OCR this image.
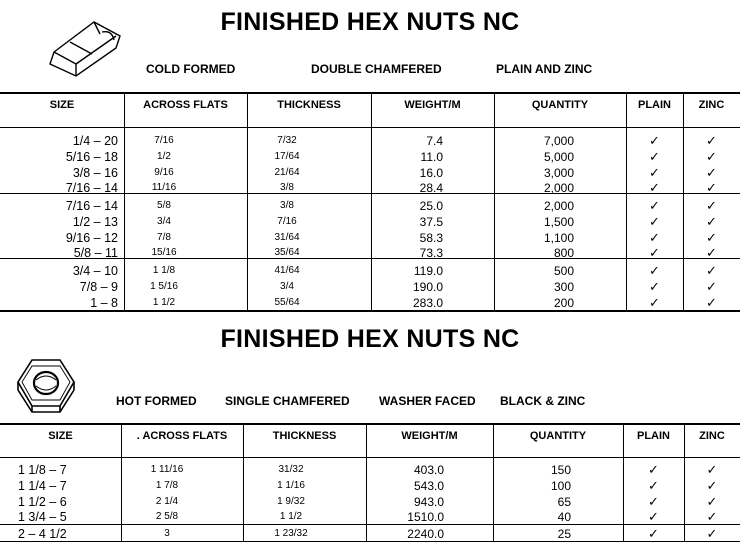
FINISHED HEX NUTS NC
COLD FORMED	DOUBLE CHAMFERED	PLAIN AND ZINC
SIZE	ACROSS FLATS	THICKNESS	WEIGHT/M	QUANTITY	PLAIN	ZINC
1/4 – 20	7/16	7/32	7.4	7,000	✓	✓
5/16 – 18	1/2	17/64	11.0	5,000	✓	✓
3/8 – 16	9/16	21/64	16.0	3,000	✓	✓
7/16 – 14	11/16	3/8	28.4	2,000	✓	✓
7/16 – 14	5/8	3/8	25.0	2,000	✓	✓
1/2 – 13	3/4	7/16	37.5	1,500	✓	✓
9/16 – 12	7/8	31/64	58.3	1,100	✓	✓
5/8 – 11	15/16	35/64	73.3	800	✓	✓
3/4 – 10	1 1/8	41/64	119.0	500	✓	✓
7/8 – 9	1 5/16	3/4	190.0	300	✓	✓
1 – 8	1 1/2	55/64	283.0	200	✓	✓
FINISHED HEX NUTS NC
HOT FORMED SINGLE CHAMFERED WASHER FACED BLACK & ZINC
SIZE	. ACROSS FLATS	THICKNESS	WEIGHT/M	QUANTITY	PLAIN	ZINC
1 1/8 – 7	1 11/16	31/32	403.0	150	✓	✓
1 1/4 – 7	1 7/8	1 1/16	543.0	100	✓	✓
1 1/2 – 6	2 1/4	1 9/32	943.0	65	✓	✓
1 3/4 – 5	2 5/8	1 1/2	1510.0	40	✓	✓
2 – 4 1/2	3	1 23/32	2240.0	25	✓	✓
